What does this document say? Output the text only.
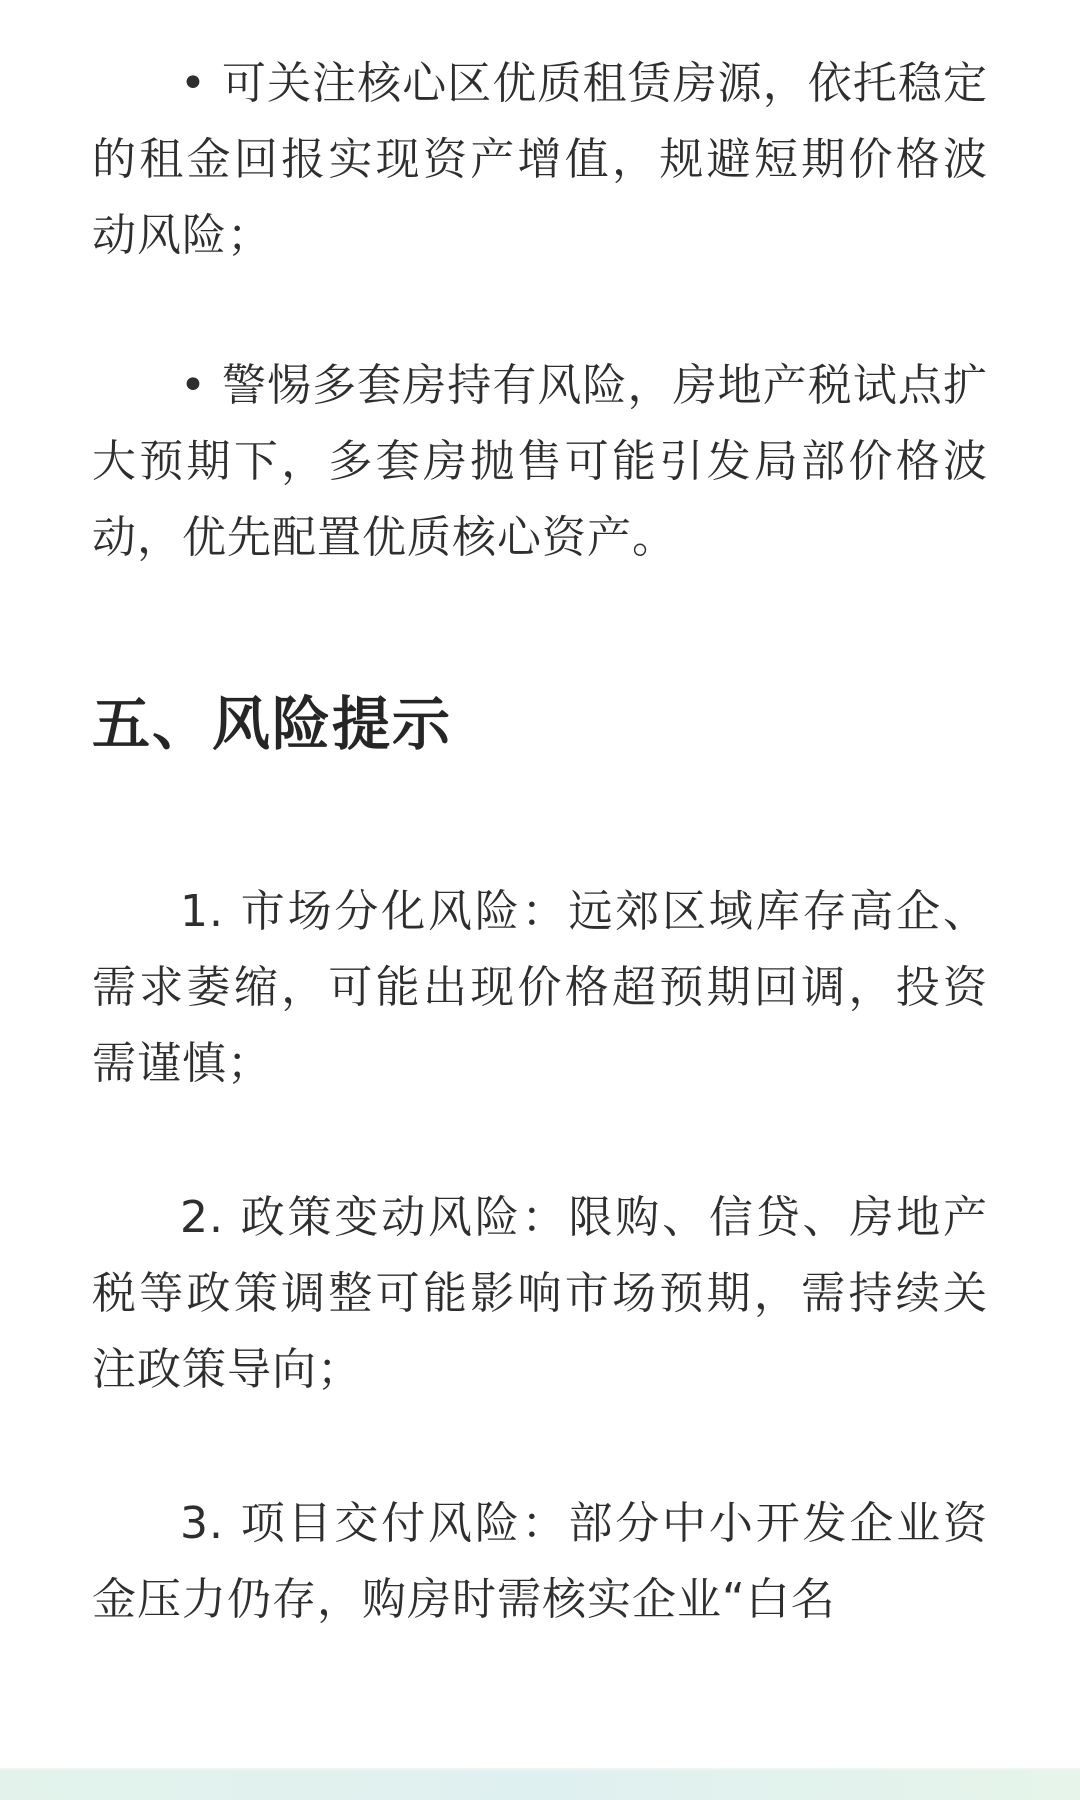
• 可关注核心区优质租赁房源，依托稳定的租金回报实现资产增值，规避短期价格波动风险；

• 警惕多套房持有风险，房地产税试点扩大预期下，多套房抛售可能引发局部价格波动，优先配置优质核心资产。

五、风险提示

1. 市场分化风险：远郊区域库存高企、需求萎缩，可能出现价格超预期回调，投资需谨慎；

2. 政策变动风险：限购、信贷、房地产税等政策调整可能影响市场预期，需持续关注政策导向；

3. 项目交付风险：部分中小开发企业资金压力仍存，购房时需核实企业“白名
